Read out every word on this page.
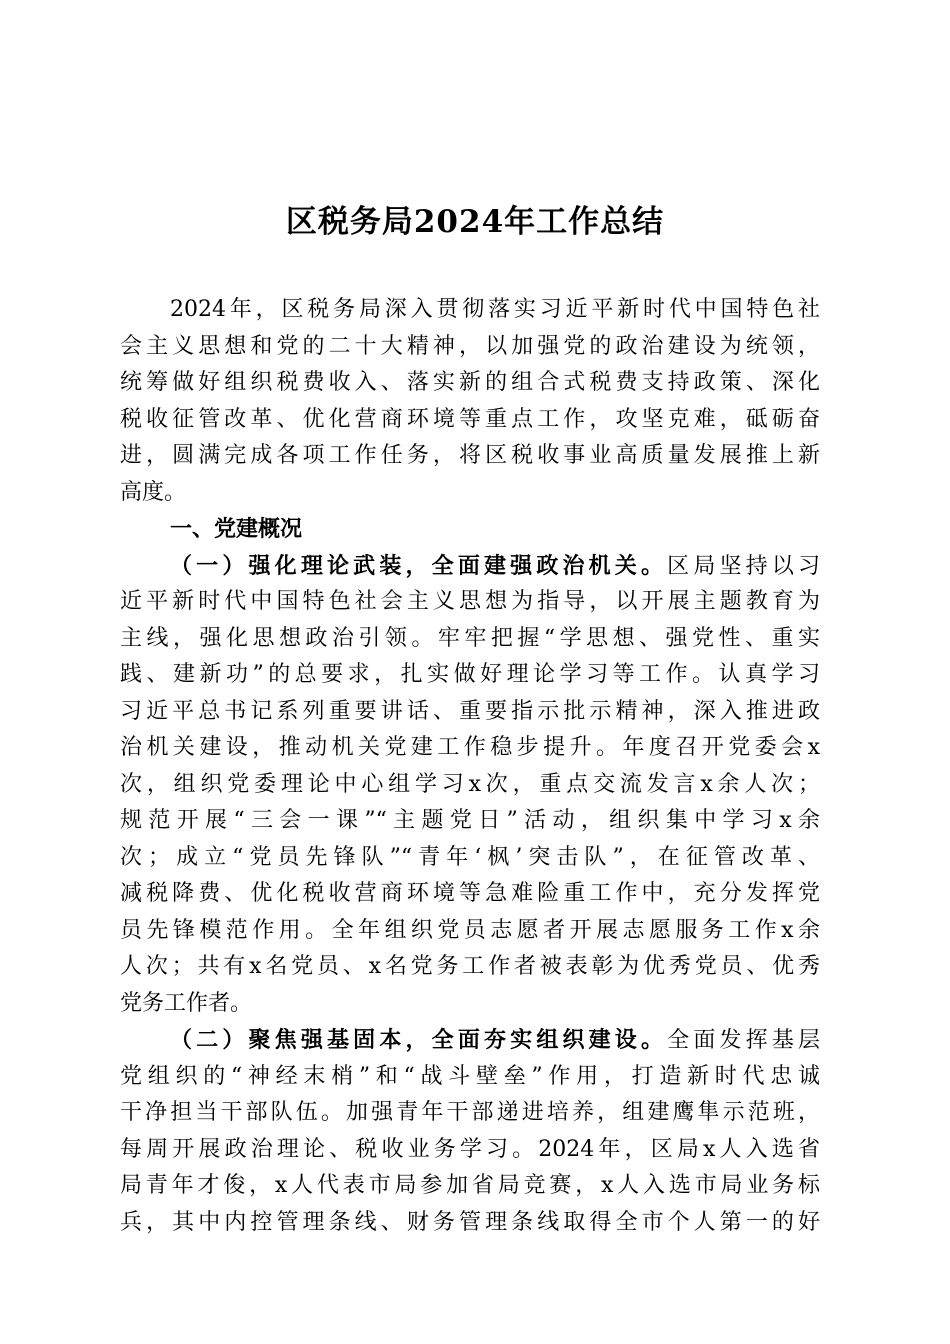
区税务局2024年工作总结
2024年，区税务局深入贯彻落实习近平新时代中国特色社
会主义思想和党的二十大精神，以加强党的政治建设为统领，
统筹做好组织税费收入、落实新的组合式税费支持政策、深化
税收征管改革、优化营商环境等重点工作，攻坚克难，砥砺奋
进，圆满完成各项工作任务，将区税收事业高质量发展推上新
高度。
一、党建概况
（一）强化理论武装，全面建强政治机关。区局坚持以习
近平新时代中国特色社会主义思想为指导，以开展主题教育为
主线，强化思想政治引领。牢牢把握“学思想、强党性、重实
践、建新功”的总要求，扎实做好理论学习等工作。认真学习
习近平总书记系列重要讲话、重要指示批示精神，深入推进政
治机关建设，推动机关党建工作稳步提升。年度召开党委会x
次，组织党委理论中心组学习x次，重点交流发言x余人次；
规范开展“三会一课”“主题党日”活动，组织集中学习x余
次；成立“党员先锋队”“青年‘枫’突击队”，在征管改革、
减税降费、优化税收营商环境等急难险重工作中，充分发挥党
员先锋模范作用。全年组织党员志愿者开展志愿服务工作x余
人次；共有x名党员、x名党务工作者被表彰为优秀党员、优秀
党务工作者。
（二）聚焦强基固本，全面夯实组织建设。全面发挥基层
党组织的“神经末梢”和“战斗壁垒”作用，打造新时代忠诚
干净担当干部队伍。加强青年干部递进培养，组建鹰隼示范班，
每周开展政治理论、税收业务学习。2024年，区局x人入选省
局青年才俊，x人代表市局参加省局竞赛，x人入选市局业务标
兵，其中内控管理条线、财务管理条线取得全市个人第一的好
